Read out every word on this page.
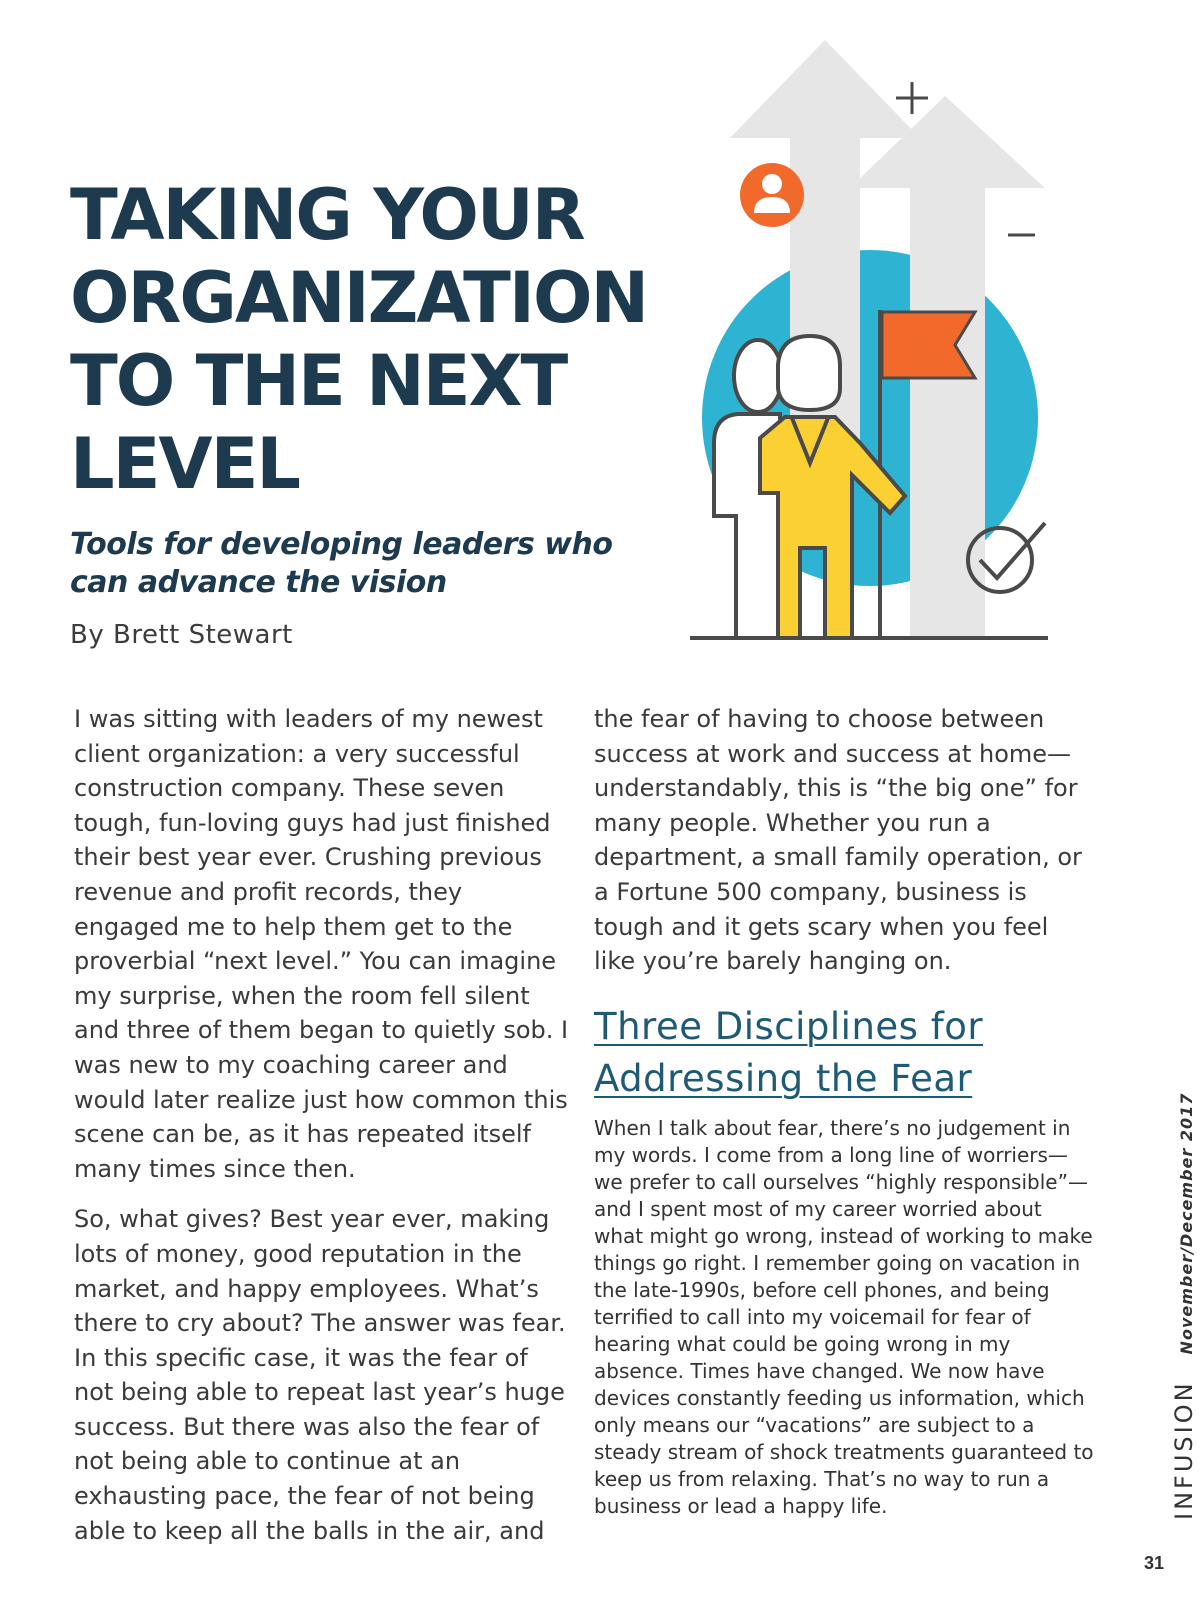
TAKING YOUR
ORGANIZATION
TO THE NEXT
LEVEL
Tools for developing leaders who can advance the vision

By Brett Stewart

I was sitting with leaders of my newest client organization: a very successful construction company. These seven tough, fun-loving guys had just finished their best year ever. Crushing previous revenue and profit records, they engaged me to help them get to the proverbial “next level.” You can imagine my surprise, when the room fell silent and three of them began to quietly sob. I was new to my coaching career and would later realize just how common this scene can be, as it has repeated itself many times since then.

So, what gives? Best year ever, making lots of money, good reputation in the market, and happy employees. What’s there to cry about? The answer was fear. In this specific case, it was the fear of not being able to repeat last year’s huge success. But there was also the fear of not being able to continue at an exhausting pace, the fear of not being able to keep all the balls in the air, and

the fear of having to choose between success at work and success at home—understandably, this is “the big one” for many people. Whether you run a department, a small family operation, or a Fortune 500 company, business is tough and it gets scary when you feel like you’re barely hanging on.

Three Disciplines for Addressing the Fear

When I talk about fear, there’s no judgement in my words. I come from a long line of worriers—we prefer to call ourselves “highly responsible”—and I spent most of my career worried about what might go wrong, instead of working to make things go right. I remember going on vacation in the late-1990s, before cell phones, and being terrified to call into my voicemail for fear of hearing what could be going wrong in my absence. Times have changed. We now have devices constantly feeding us information, which only means our “vacations” are subject to a steady stream of shock treatments guaranteed to keep us from relaxing. That’s no way to run a business or lead a happy life.	INFUSION
November/December 2017
31
